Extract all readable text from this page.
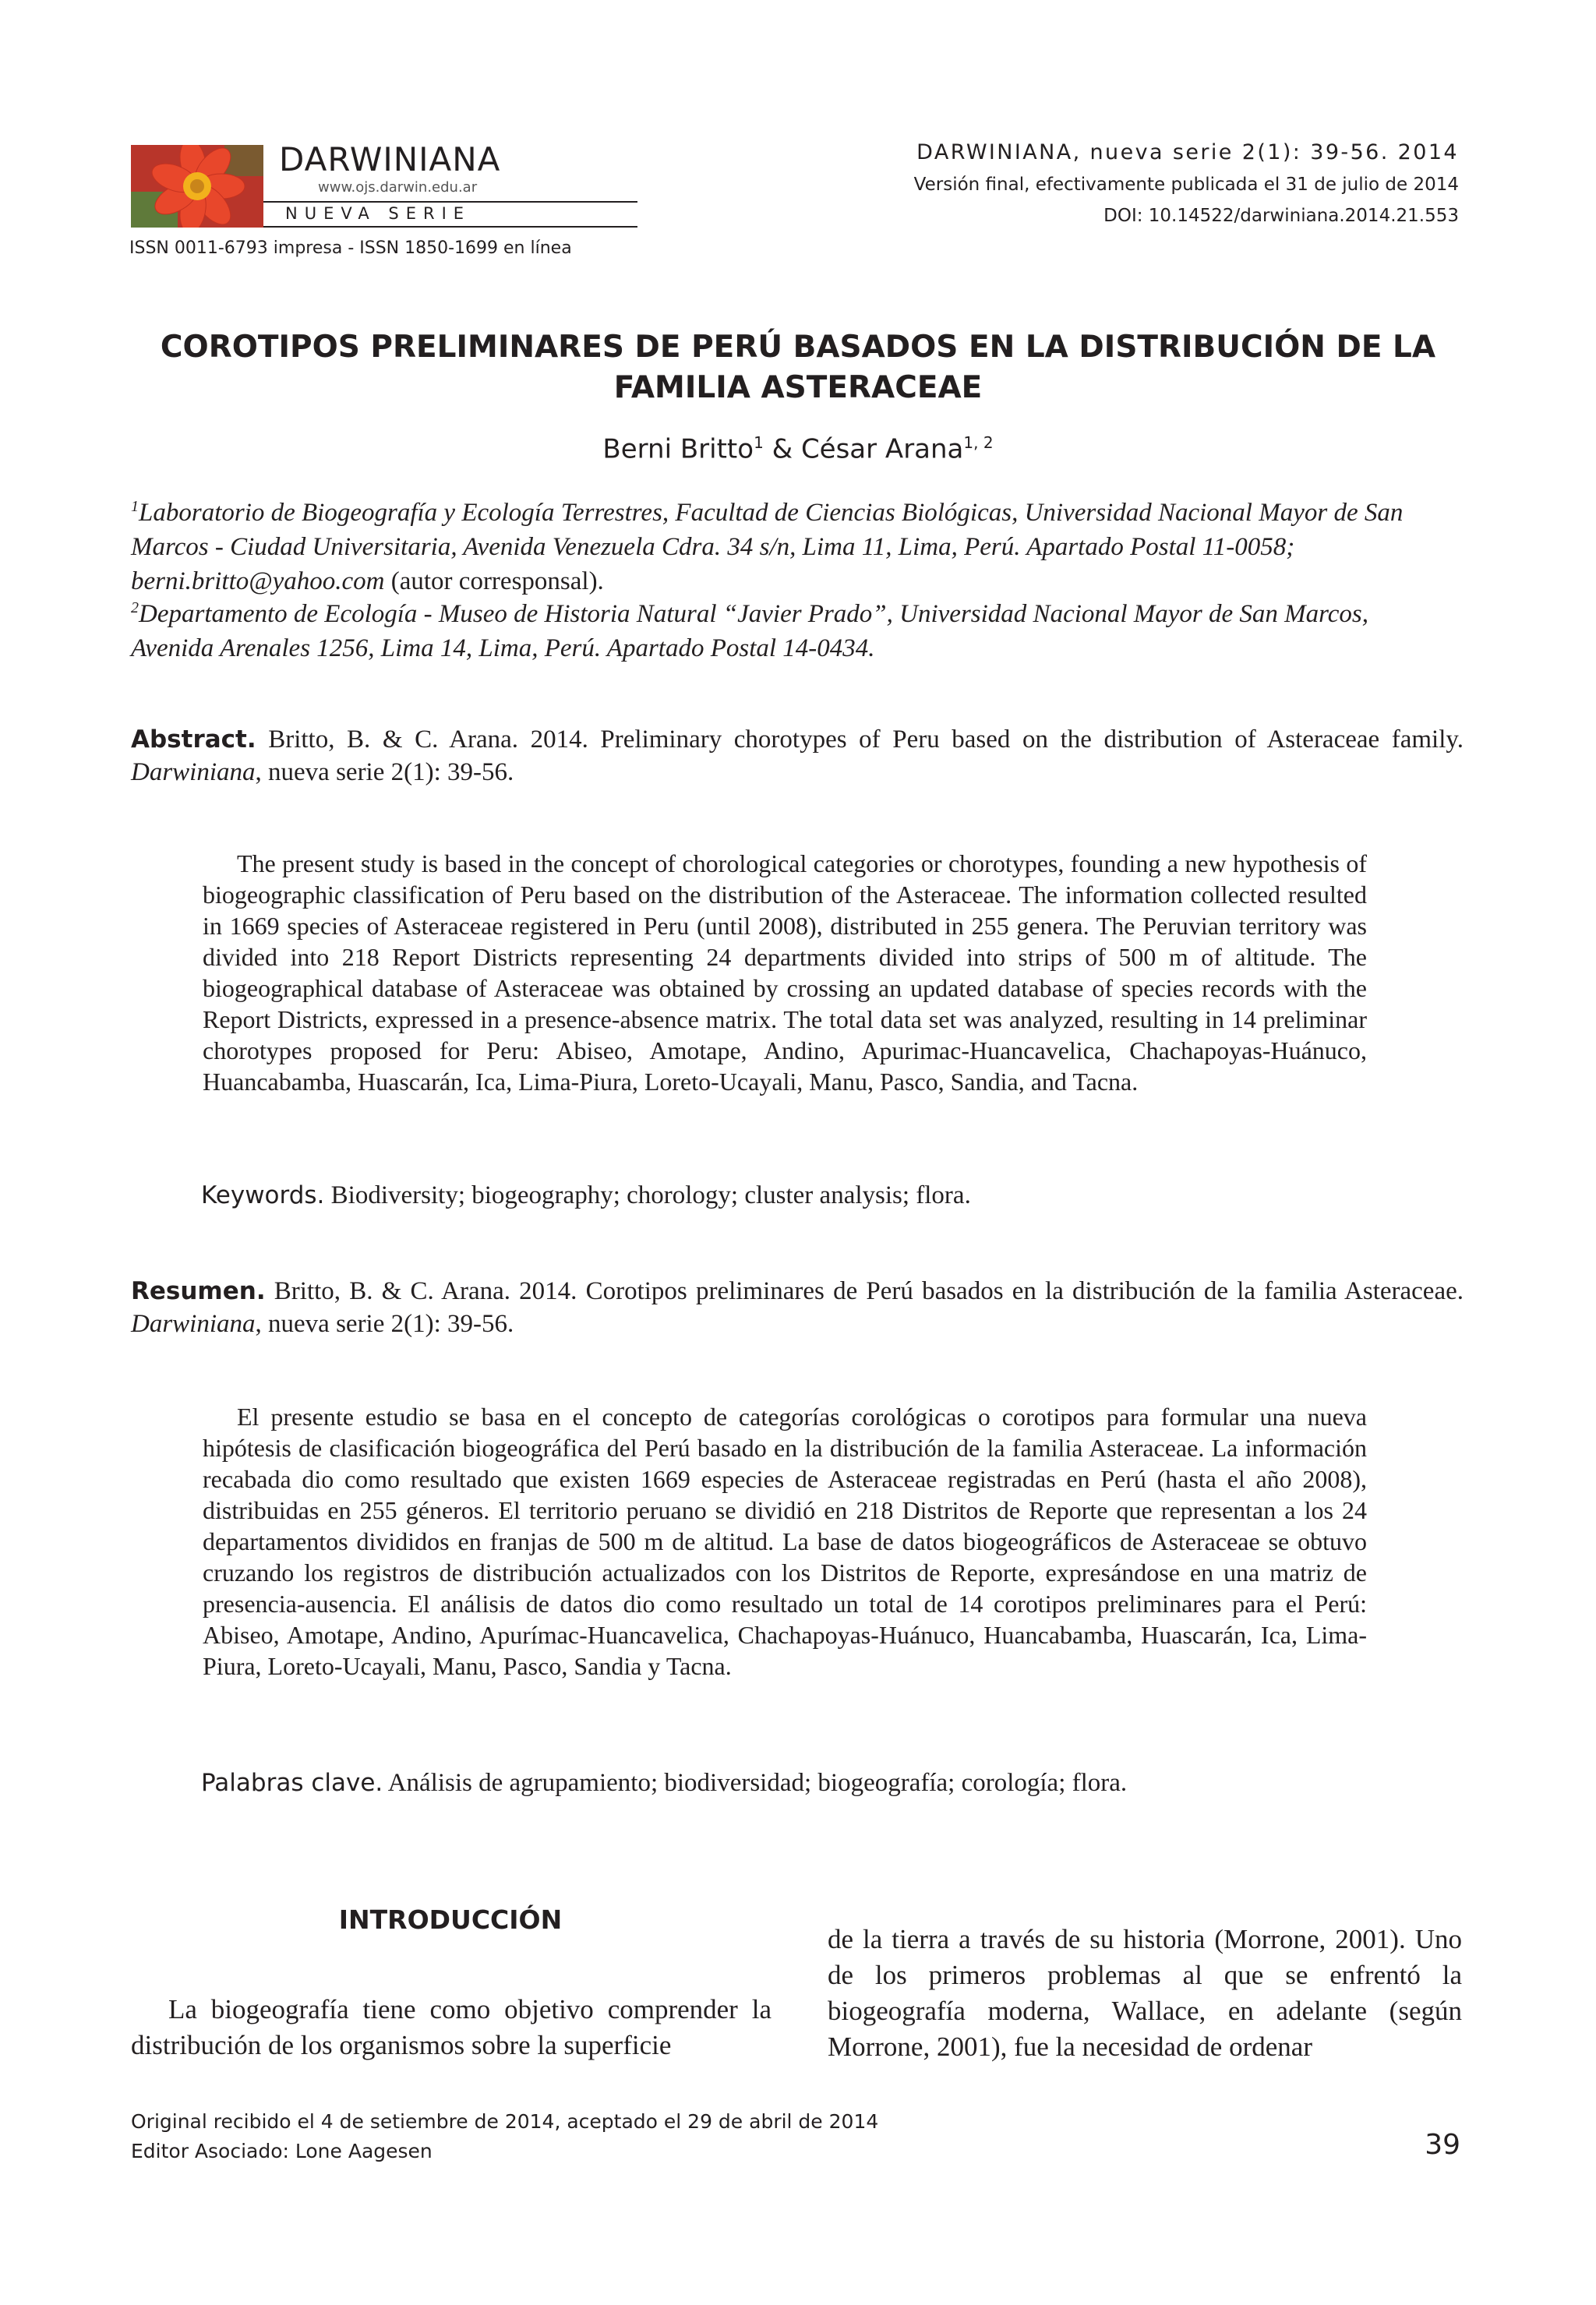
DARWINIANA
www.ojs.darwin.edu.ar
NUEVA SERIE
ISSN 0011-6793 impresa - ISSN 1850-1699 en línea
DARWINIANA, nueva serie 2(1): 39-56. 2014
Versión final, efectivamente publicada el 31 de julio de 2014
DOI: 10.14522/darwiniana.2014.21.553
COROTIPOS PRELIMINARES DE PERÚ BASADOS EN LA DISTRIBUCIÓN DE LA
FAMILIA ASTERACEAE
Berni Britto$^1$ & César Arana$^{1, 2}$
$^1$Laboratorio de Biogeografía y Ecología Terrestres, Facultad de Ciencias Biológicas, Universidad Nacional Mayor de San Marcos - Ciudad Universitaria, Avenida Venezuela Cdra. 34 s/n, Lima 11, Lima, Perú. Apartado Postal 11-0058; berni.britto@yahoo.com (autor corresponsal).
$^2$Departamento de Ecología - Museo de Historia Natural “Javier Prado”, Universidad Nacional Mayor de San Marcos, Avenida Arenales 1256, Lima 14, Lima, Perú. Apartado Postal 14-0434.
Abstract. Britto, B. & C. Arana. 2014. Preliminary chorotypes of Peru based on the distribution of Asteraceae family. Darwiniana, nueva serie 2(1): 39-56.

The present study is based in the concept of chorological categories or chorotypes, founding a new hypothesis of biogeographic classification of Peru based on the distribution of the Asteraceae. The information collected resulted in 1669 species of Asteraceae registered in Peru (until 2008), distributed in 255 genera. The Peruvian territory was divided into 218 Report Districts representing 24 departments divided into strips of 500 m of altitude. The biogeographical database of Asteraceae was obtained by crossing an updated database of species records with the Report Districts, expressed in a presence-absence matrix. The total data set was analyzed, resulting in 14 preliminar chorotypes proposed for Peru: Abiseo, Amotape, Andino, Apurimac-Huancavelica, Chachapoyas-Huánuco, Huancabamba, Huascarán, Ica, Lima-Piura, Loreto-Ucayali, Manu, Pasco, Sandia, and Tacna.

Keywords. Biodiversity; biogeography; chorology; cluster analysis; flora.
Resumen. Britto, B. & C. Arana. 2014. Corotipos preliminares de Perú basados en la distribución de la familia Asteraceae. Darwiniana, nueva serie 2(1): 39-56.

El presente estudio se basa en el concepto de categorías corológicas o corotipos para formular una nueva hipótesis de clasificación biogeográfica del Perú basado en la distribución de la familia Asteraceae. La información recabada dio como resultado que existen 1669 especies de Asteraceae registradas en Perú (hasta el año 2008), distribuidas en 255 géneros. El territorio peruano se dividió en 218 Distritos de Reporte que representan a los 24 departamentos divididos en franjas de 500 m de altitud. La base de datos biogeográficos de Asteraceae se obtuvo cruzando los registros de distribución actualizados con los Distritos de Reporte, expresándose en una matriz de presencia-ausencia. El análisis de datos dio como resultado un total de 14 corotipos preliminares para el Perú: Abiseo, Amotape, Andino, Apurímac-Huancavelica, Chachapoyas-Huánuco, Huancabamba, Huascarán, Ica, Lima-Piura, Loreto-Ucayali, Manu, Pasco, Sandia y Tacna.

Palabras clave. Análisis de agrupamiento; biodiversidad; biogeografía; corología; flora.
INTRODUCCIÓN

La biogeografía tiene como objetivo comprender la distribución de los organismos sobre la superficie

de la tierra a través de su historia (Morrone, 2001). Uno de los primeros problemas al que se enfrentó la biogeografía moderna, Wallace, en adelante (según Morrone, 2001), fue la necesidad de ordenar

Original recibido el 4 de setiembre de 2014, aceptado el 29 de abril de 2014
Editor Asociado: Lone Aagesen	39
